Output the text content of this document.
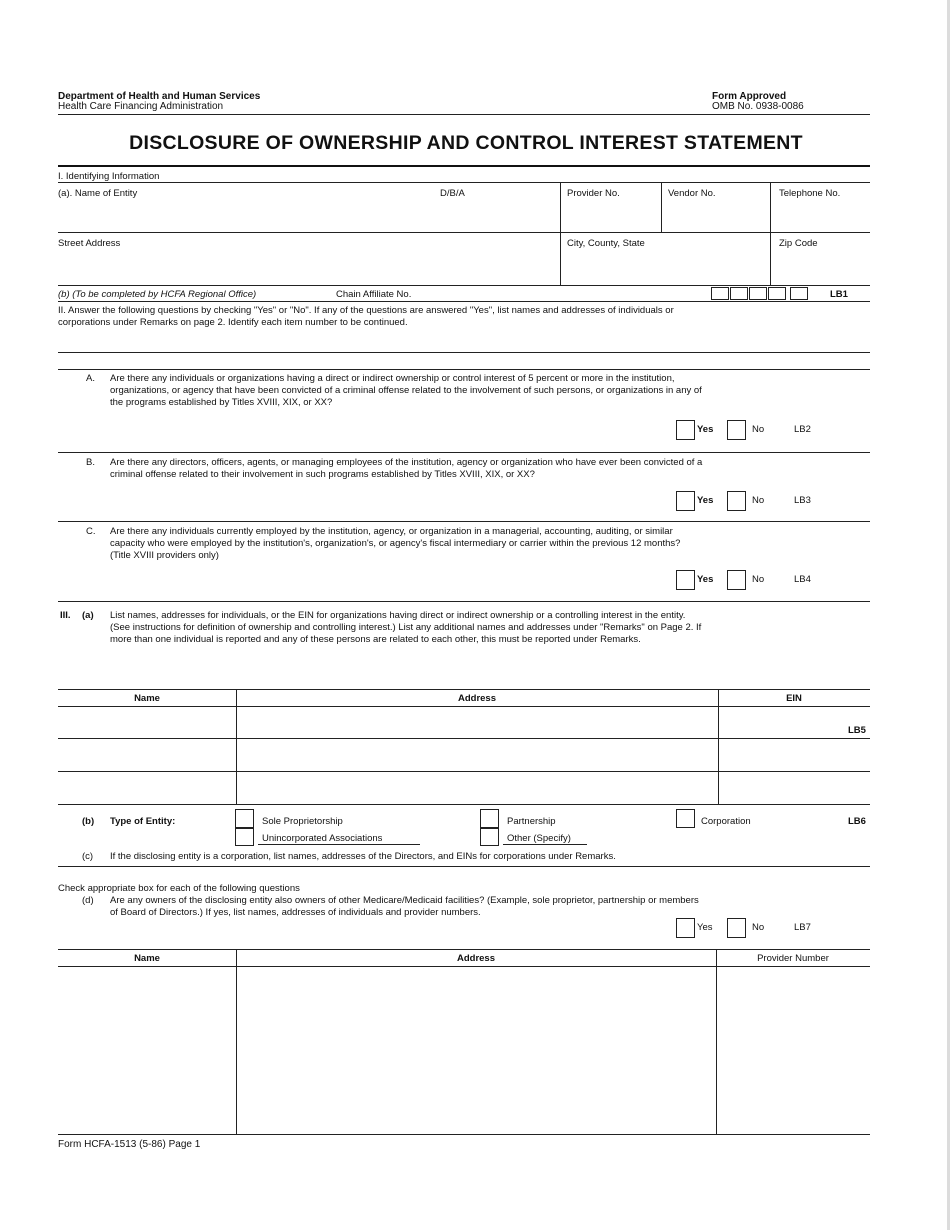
Department of Health and Human Services
Health Care Financing Administration
Form Approved
OMB No. 0938-0086
DISCLOSURE OF OWNERSHIP AND CONTROL INTEREST STATEMENT
I. Identifying Information
(a). Name of Entity	D/B/A	Provider No.	Vendor No.	Telephone No.
Street Address	City, County, State	Zip Code
(b) (To be completed by HCFA Regional Office)	Chain Affiliate No.	LB1
II. Answer the following questions by checking "Yes" or "No". If any of the questions are answered "Yes", list names and addresses of individuals or
corporations under Remarks on page 2. Identify each item number to be continued.
A. Are there any individuals or organizations having a direct or indirect ownership or control interest of 5 percent or more in the institution,
organizations, or agency that have been convicted of a criminal offense related to the involvement of such persons, or organizations in any of
the programs established by Titles XVIII, XIX, or XX?
Yes	No	LB2
B. Are there any directors, officers, agents, or managing employees of the institution, agency or organization who have ever been convicted of a
criminal offense related to their involvement in such programs established by Titles XVIII, XIX, or XX?
Yes	No	LB3
C. Are there any individuals currently employed by the institution, agency, or organization in a managerial, accounting, auditing, or similar
capacity who were employed by the institution's, organization's, or agency's fiscal intermediary or carrier within the previous 12 months?
(Title XVIII providers only)
Yes	No	LB4
III. (a) List names, addresses for individuals, or the EIN for organizations having direct or indirect ownership or a controlling interest in the entity.
(See instructions for definition of ownership and controlling interest.) List any additional names and addresses under "Remarks" on Page 2. If
more than one individual is reported and any of these persons are related to each other, this must be reported under Remarks.
Name	Address	EIN
LB5
(b) Type of Entity:	Sole Proprietorship	Partnership	Corporation	LB6
Unincorporated Associations	Other (Specify)
(c) If the disclosing entity is a corporation, list names, addresses of the Directors, and EINs for corporations under Remarks.
Check appropriate box for each of the following questions
(d) Are any owners of the disclosing entity also owners of other Medicare/Medicaid facilities? (Example, sole proprietor, partnership or members
of Board of Directors.) If yes, list names, addresses of individuals and provider numbers.
Yes	No	LB7
Name	Address	Provider Number
Form HCFA-1513 (5-86) Page 1
